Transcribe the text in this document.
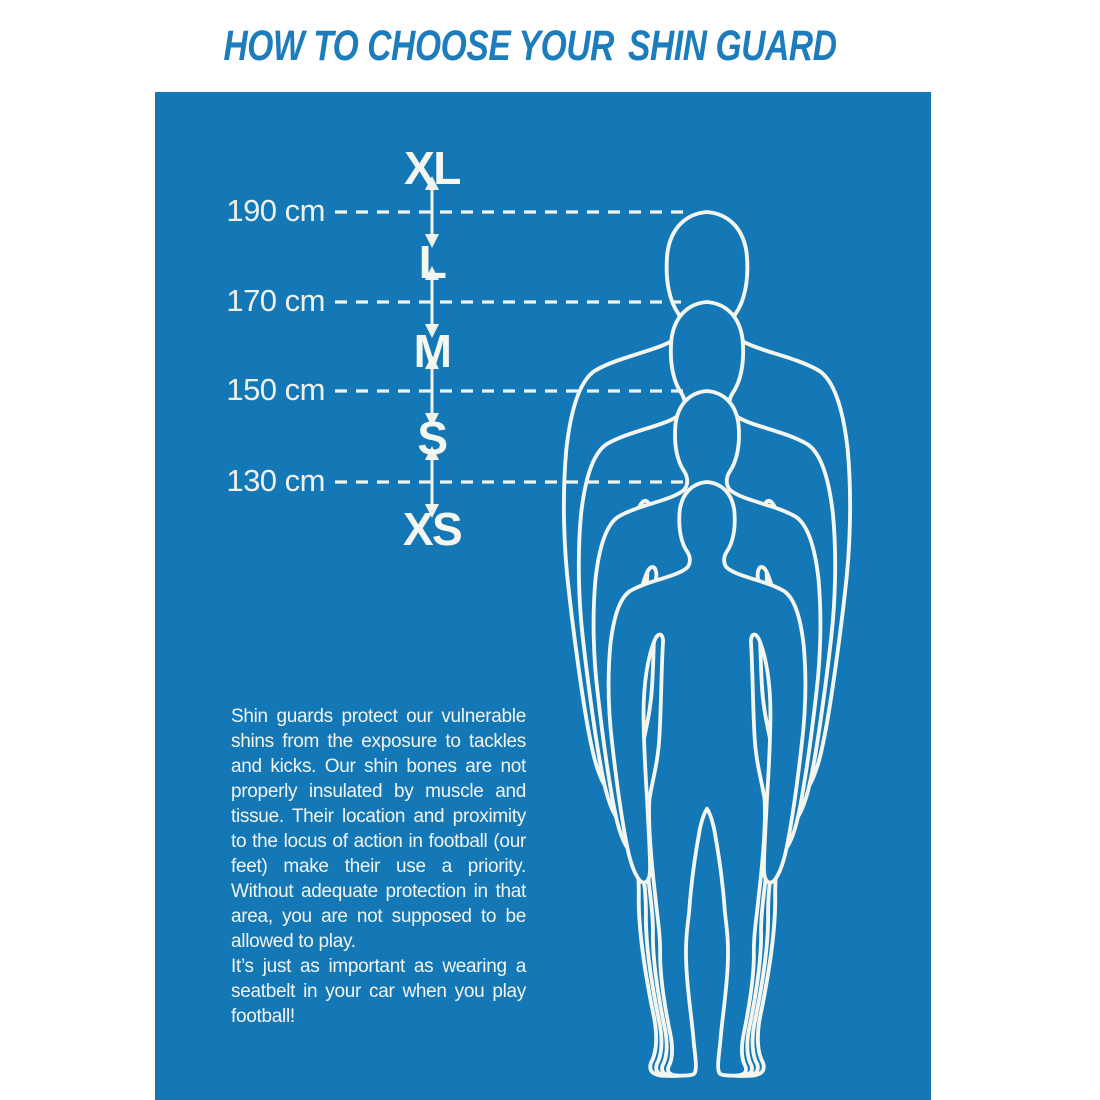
HOW TO CHOOSE YOUR SHIN GUARD
190 cm
170 cm
150 cm
130 cm
XL
L
M
S
XS
Shin guards protect our vulnerable
shins from the exposure to tackles
and kicks. Our shin bones are not
properly insulated by muscle and
tissue. Their location and proximity
to the locus of action in football (our
feet) make their use a priority.
Without adequate protection in that
area, you are not supposed to be
allowed to play.
It’s just as important as wearing a
seatbelt in your car when you play
football!
